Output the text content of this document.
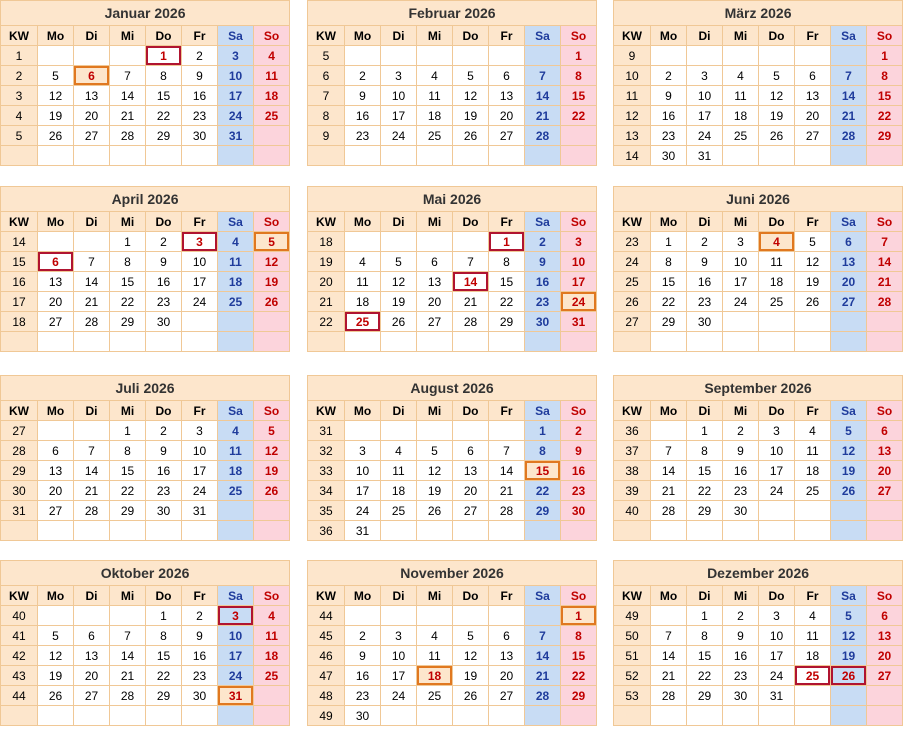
Januar 2026							
KW	Mo	Di	Mi	Do	Fr	Sa	So
1				1	2	3	4
2	5	6	7	8	9	10	11
3	12	13	14	15	16	17	18
4	19	20	21	22	23	24	25
5	26	27	28	29	30	31	

Februar 2026							
KW	Mo	Di	Mi	Do	Fr	Sa	So
5							1
6	2	3	4	5	6	7	8
7	9	10	11	12	13	14	15
8	16	17	18	19	20	21	22
9	23	24	25	26	27	28	

März 2026							
KW	Mo	Di	Mi	Do	Fr	Sa	So
9							1
10	2	3	4	5	6	7	8
11	9	10	11	12	13	14	15
12	16	17	18	19	20	21	22
13	23	24	25	26	27	28	29
14	30	31					
April 2026							
KW	Mo	Di	Mi	Do	Fr	Sa	So
14			1	2	3	4	5
15	6	7	8	9	10	11	12
16	13	14	15	16	17	18	19
17	20	21	22	23	24	25	26
18	27	28	29	30			

Mai 2026							
KW	Mo	Di	Mi	Do	Fr	Sa	So
18					1	2	3
19	4	5	6	7	8	9	10
20	11	12	13	14	15	16	17
21	18	19	20	21	22	23	24
22	25	26	27	28	29	30	31

Juni 2026							
KW	Mo	Di	Mi	Do	Fr	Sa	So
23	1	2	3	4	5	6	7
24	8	9	10	11	12	13	14
25	15	16	17	18	19	20	21
26	22	23	24	25	26	27	28
27	29	30					

Juli 2026							
KW	Mo	Di	Mi	Do	Fr	Sa	So
27			1	2	3	4	5
28	6	7	8	9	10	11	12
29	13	14	15	16	17	18	19
30	20	21	22	23	24	25	26
31	27	28	29	30	31		

August 2026							
KW	Mo	Di	Mi	Do	Fr	Sa	So
31						1	2
32	3	4	5	6	7	8	9
33	10	11	12	13	14	15	16
34	17	18	19	20	21	22	23
35	24	25	26	27	28	29	30
36	31						
September 2026							
KW	Mo	Di	Mi	Do	Fr	Sa	So
36		1	2	3	4	5	6
37	7	8	9	10	11	12	13
38	14	15	16	17	18	19	20
39	21	22	23	24	25	26	27
40	28	29	30				

Oktober 2026							
KW	Mo	Di	Mi	Do	Fr	Sa	So
40				1	2	3	4
41	5	6	7	8	9	10	11
42	12	13	14	15	16	17	18
43	19	20	21	22	23	24	25
44	26	27	28	29	30	31	

November 2026							
KW	Mo	Di	Mi	Do	Fr	Sa	So
44							1
45	2	3	4	5	6	7	8
46	9	10	11	12	13	14	15
47	16	17	18	19	20	21	22
48	23	24	25	26	27	28	29
49	30						
Dezember 2026							
KW	Mo	Di	Mi	Do	Fr	Sa	So
49		1	2	3	4	5	6
50	7	8	9	10	11	12	13
51	14	15	16	17	18	19	20
52	21	22	23	24	25	26	27
53	28	29	30	31			
